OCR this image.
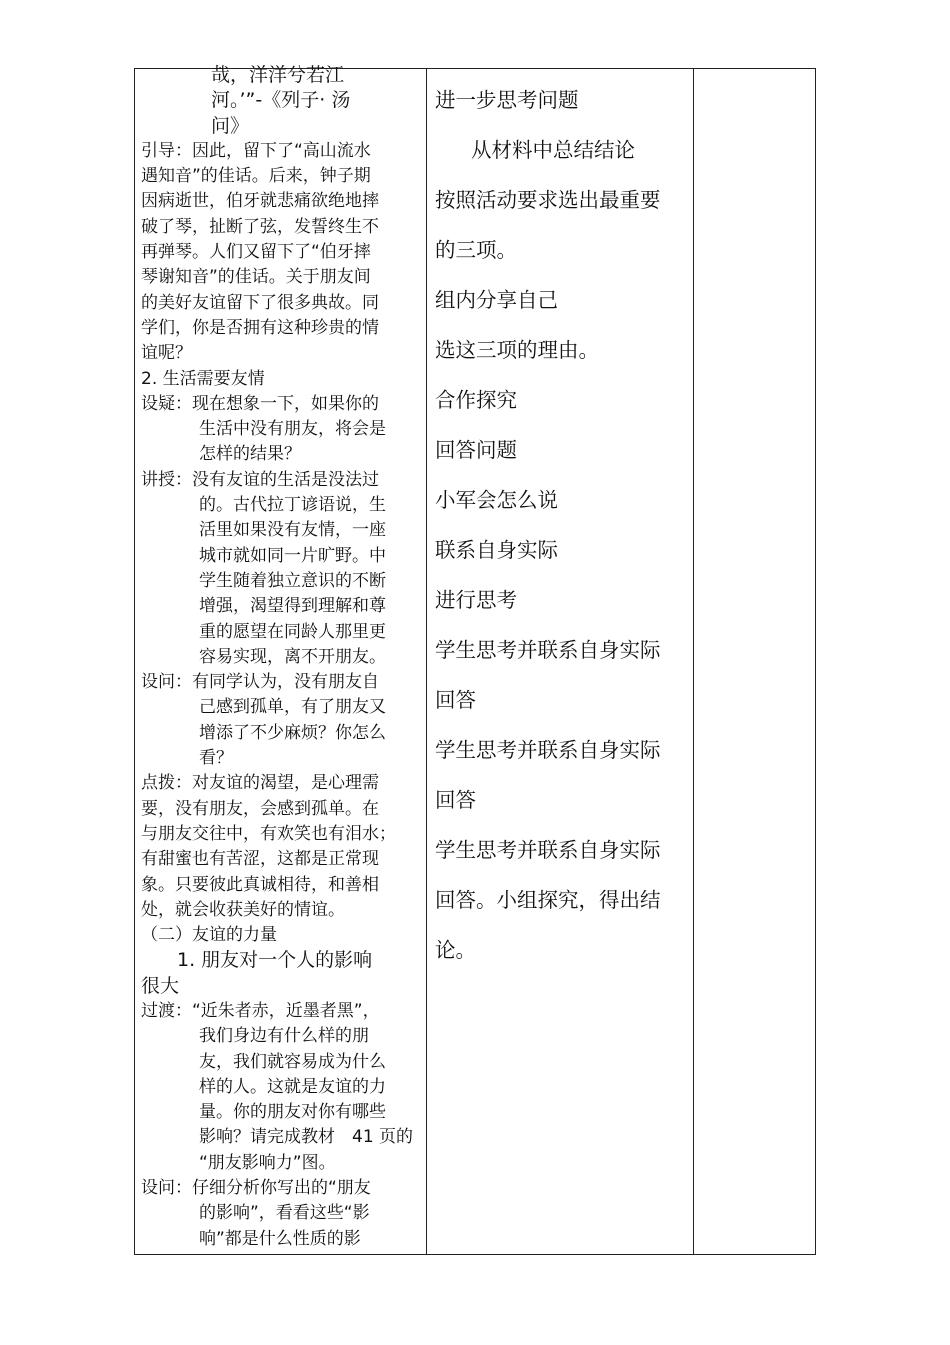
哉，洋洋兮若江
河。’”-《列子· 汤
问》
引导：因此，留下了“高山流水
遇知音”的佳话。后来，钟子期
因病逝世，伯牙就悲痛欲绝地摔
破了琴，扯断了弦，发誓终生不
再弹琴。人们又留下了“伯牙摔
琴谢知音”的佳话。关于朋友间
的美好友谊留下了很多典故。同
学们，你是否拥有这种珍贵的情
谊呢？
2. 生活需要友情
设疑：现在想象一下，如果你的
生活中没有朋友，将会是
怎样的结果？
讲授：没有友谊的生活是没法过
的。古代拉丁谚语说，生
活里如果没有友情，一座
城市就如同一片旷野。中
学生随着独立意识的不断
增强，渴望得到理解和尊
重的愿望在同龄人那里更
容易实现，离不开朋友。
设问：有同学认为，没有朋友自
己感到孤单，有了朋友又
增添了不少麻烦？你怎么
看？
点拨：对友谊的渴望，是心理需
要，没有朋友，会感到孤单。在
与朋友交往中，有欢笑也有泪水；
有甜蜜也有苦涩，这都是正常现
象。只要彼此真诚相待，和善相
处，就会收获美好的情谊。
（二）友谊的力量
1. 朋友对一个人的影响
很大
过渡：“近朱者赤，近墨者黑”，
我们身边有什么样的朋
友，我们就容易成为什么
样的人。这就是友谊的力
量。你的朋友对你有哪些
影响？请完成教材　41 页的
“朋友影响力”图。
设问：仔细分析你写出的“朋友
的影响”，看看这些“影
响”都是什么性质的影
进一步思考问题
从材料中总结结论
按照活动要求选出最重要
的三项。
组内分享自己
选这三项的理由。
合作探究
回答问题
小军会怎么说
联系自身实际
进行思考
学生思考并联系自身实际
回答
学生思考并联系自身实际
回答
学生思考并联系自身实际
回答。小组探究，得出结
论。
